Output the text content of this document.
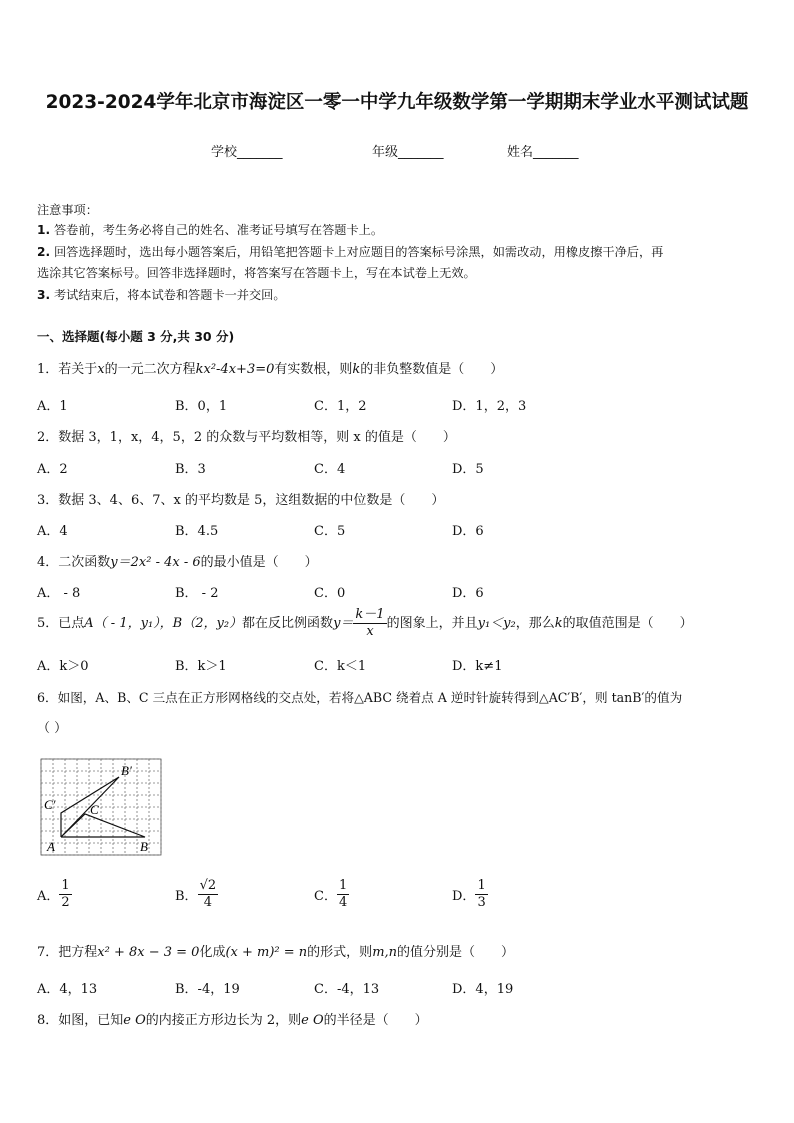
2023-2024学年北京市海淀区一零一中学九年级数学第一学期期末学业水平测试试题
学校_______	年级_______	姓名_______
注意事项：
1. 答卷前，考生务必将自己的姓名、准考证号填写在答题卡上。
2. 回答选择题时，选出每小题答案后，用铅笔把答题卡上对应题目的答案标号涂黑，如需改动，用橡皮擦干净后，再
选涂其它答案标号。回答非选择题时，将答案写在答题卡上，写在本试卷上无效。
3. 考试结束后，将本试卷和答题卡一并交回。
一、选择题(每小题 3 分,共 30 分)
1．若关于x的一元二次方程kx²-4x+3=0有实数根，则k的非负整数值是（　　）
A．1	B．0，1	C．1，2	D．1，2，3
2．数据 3，1，x，4，5，2 的众数与平均数相等，则 x 的值是（　　）
A．2	B．3	C．4	D．5
3．数据 3、4、6、7、x 的平均数是 5，这组数据的中位数是（　　）
A．4	B．4.5	C．5	D．6
4．二次函数y＝2x² - 4x - 6的最小值是（　　）
A． - 8	B． - 2	C．0	D．6
5．已点A（ - 1，y₁），B（2，y₂）都在反比例函数$y= \frac{k-1}{x}$ 的图象上，并且y₁＜y₂，那么k的取值范围是（　　）
A．k＞0	B．k＞1	C．k＜1	D．k≠1
6．如图，A、B、C 三点在正方形网格线的交点处，若将△ABC 绕着点 A 逆时针旋转得到△AC′B′，则 tanB′的值为
（ ）
A	B
C
C′
B′
A． $\frac{1}{2}$	B． $\frac{√2}{4}$	C． $\frac{1}{4}$	D． $\frac{1}{3}$
7．把方程x² + 8x − 3 = 0化成(x + m)² = n的形式，则m,n的值分别是（　　）
A．4，13	B．-4，19	C．-4，13	D．4，19
8．如图，已知e O的内接正方形边长为 2，则e O的半径是（　　）
